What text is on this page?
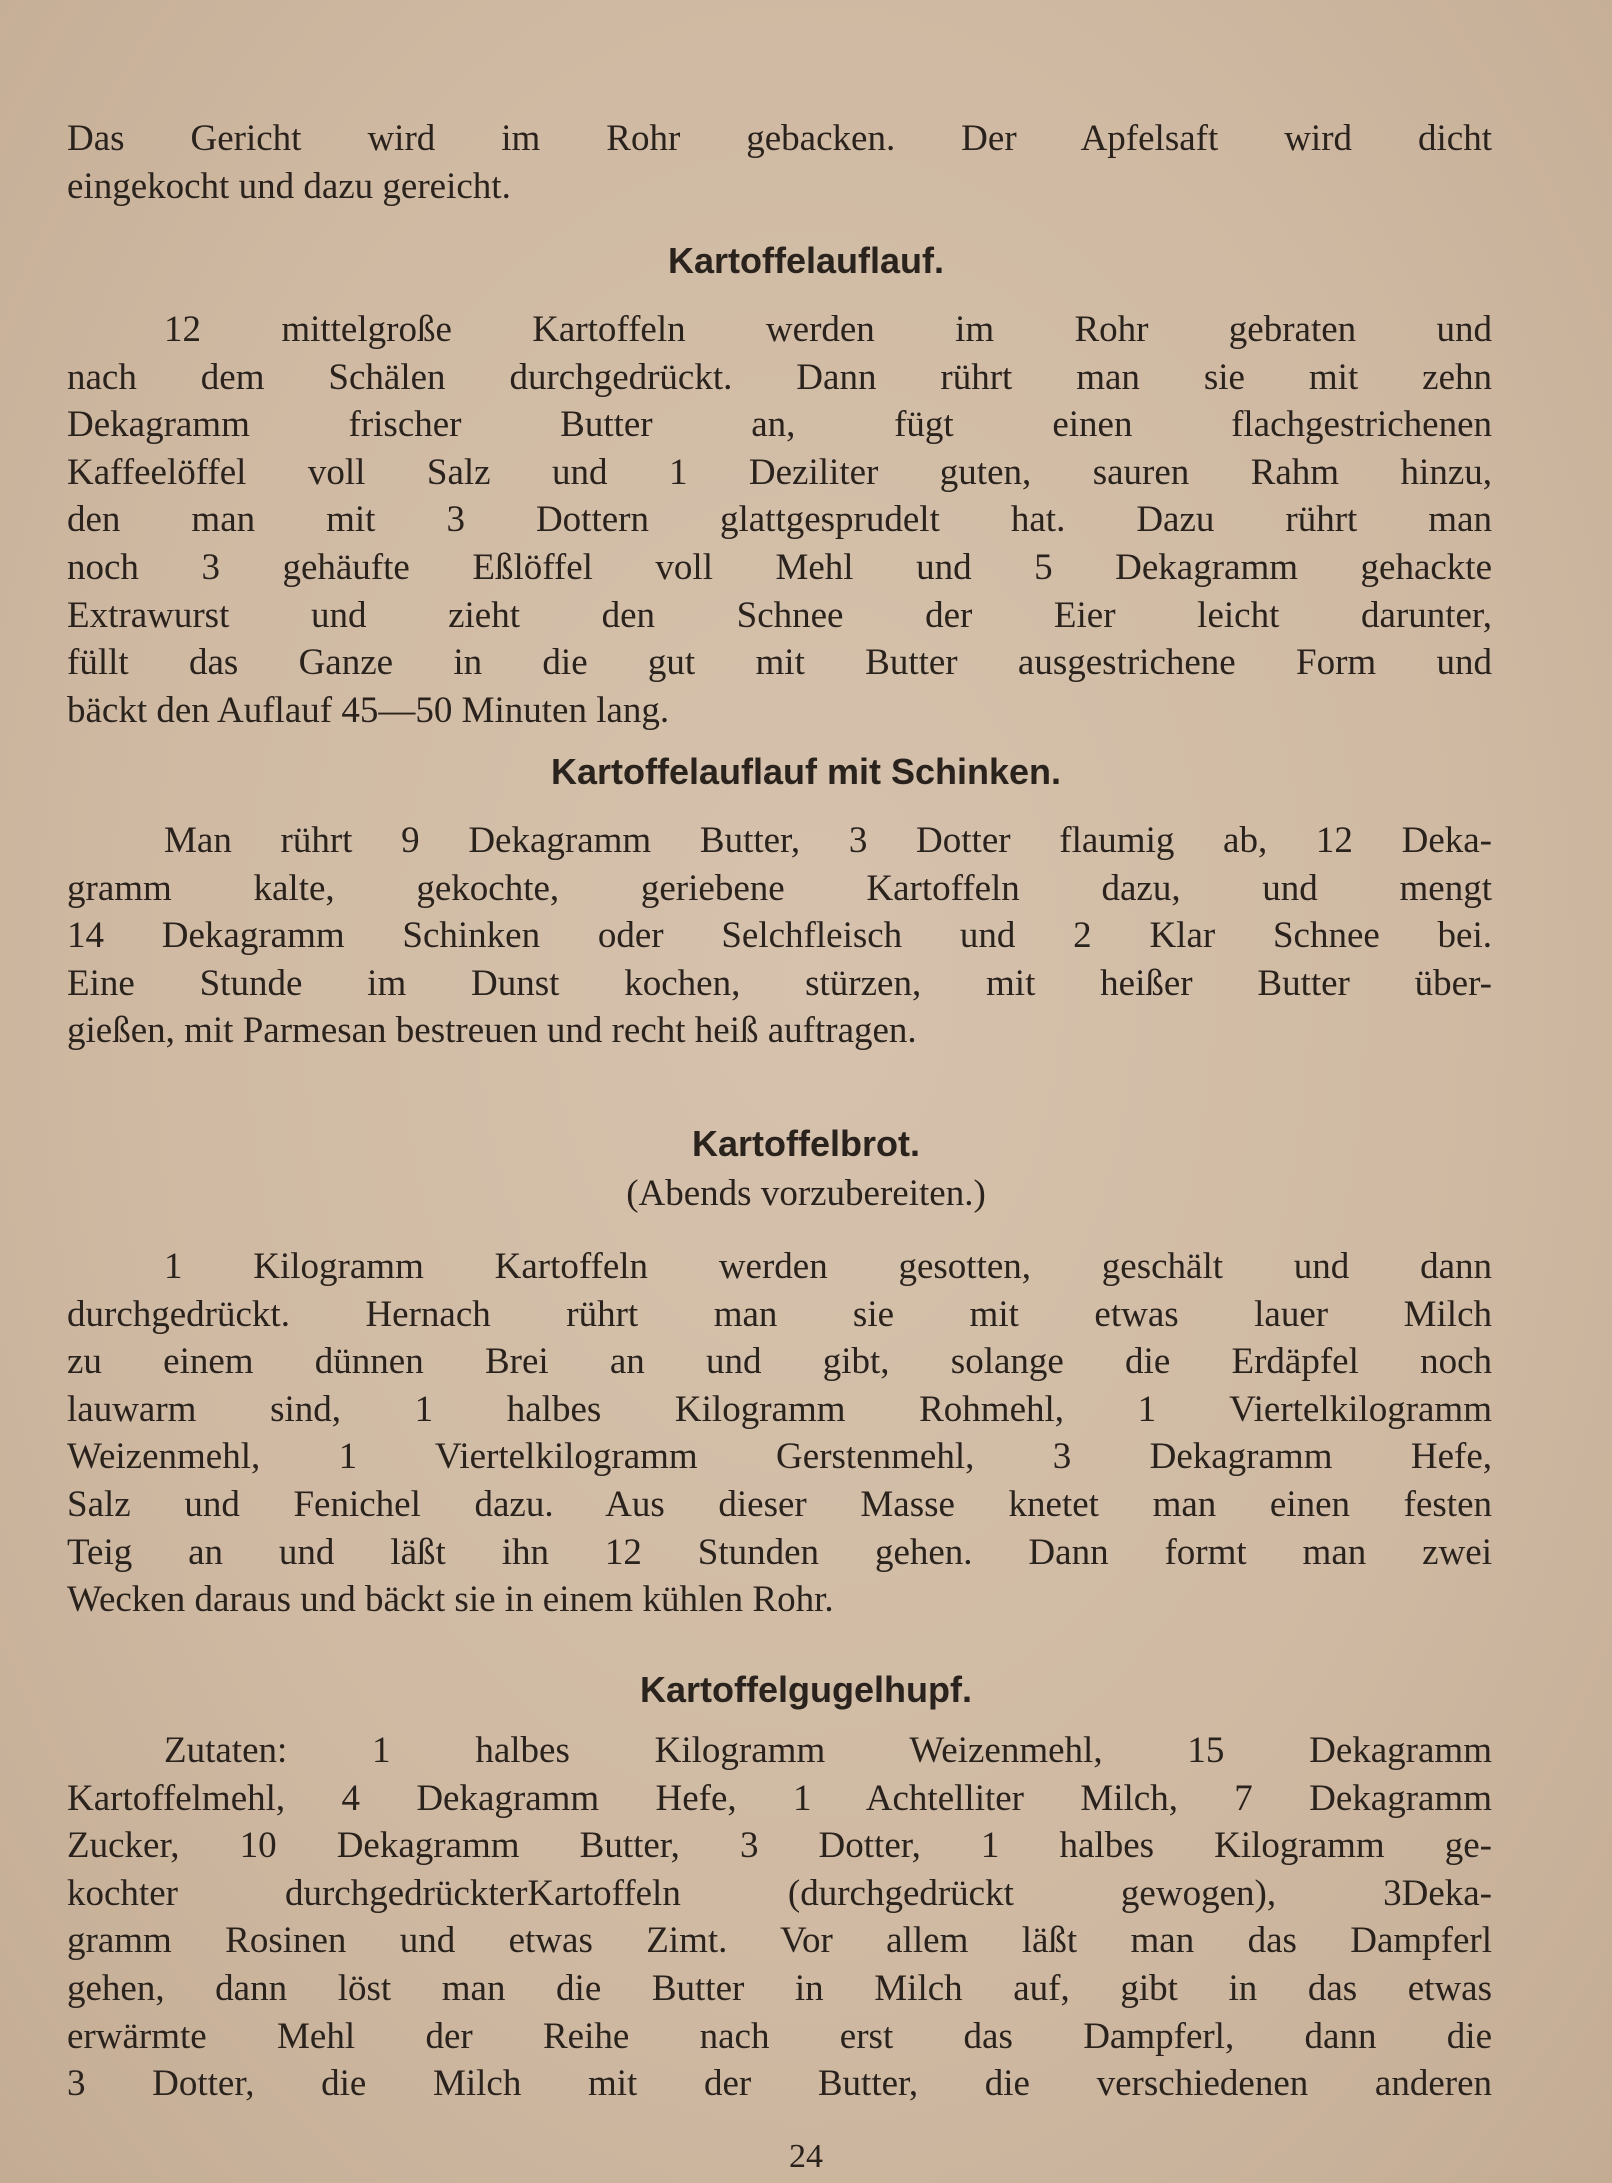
Das Gericht wird im Rohr gebacken. Der Apfelsaft wird dicht
eingekocht und dazu gereicht.
Kartoffelauflauf.
12 mittelgroße Kartoffeln werden im Rohr gebraten und
nach dem Schälen durchgedrückt. Dann rührt man sie mit zehn
Dekagramm frischer Butter an, fügt einen flachgestrichenen
Kaffeelöffel voll Salz und 1 Deziliter guten, sauren Rahm hinzu,
den man mit 3 Dottern glattgesprudelt hat. Dazu rührt man
noch 3 gehäufte Eßlöffel voll Mehl und 5 Dekagramm gehackte
Extrawurst und zieht den Schnee der Eier leicht darunter,
füllt das Ganze in die gut mit Butter ausgestrichene Form und
bäckt den Auflauf 45—50 Minuten lang.
Kartoffelauflauf mit Schinken.
Man rührt 9 Dekagramm Butter, 3 Dotter flaumig ab, 12 Deka-
gramm kalte, gekochte, geriebene Kartoffeln dazu, und mengt
14 Dekagramm Schinken oder Selchfleisch und 2 Klar Schnee bei.
Eine Stunde im Dunst kochen, stürzen, mit heißer Butter über-
gießen, mit Parmesan bestreuen und recht heiß auftragen.
Kartoffelbrot.
(Abends vorzubereiten.)
1 Kilogramm Kartoffeln werden gesotten, geschält und dann
durchgedrückt. Hernach rührt man sie mit etwas lauer Milch
zu einem dünnen Brei an und gibt, solange die Erdäpfel noch
lauwarm sind, 1 halbes Kilogramm Rohmehl, 1 Viertelkilogramm
Weizenmehl, 1 Viertelkilogramm Gerstenmehl, 3 Dekagramm Hefe,
Salz und Fenichel dazu. Aus dieser Masse knetet man einen festen
Teig an und läßt ihn 12 Stunden gehen. Dann formt man zwei
Wecken daraus und bäckt sie in einem kühlen Rohr.
Kartoffelgugelhupf.
Zutaten: 1 halbes Kilogramm Weizenmehl, 15 Dekagramm
Kartoffelmehl, 4 Dekagramm Hefe, 1 Achtelliter Milch, 7 Dekagramm
Zucker, 10 Dekagramm Butter, 3 Dotter, 1 halbes Kilogramm ge-
kochter durchgedrückterKartoffeln (durchgedrückt gewogen), 3Deka-
gramm Rosinen und etwas Zimt. Vor allem läßt man das Dampferl
gehen, dann löst man die Butter in Milch auf, gibt in das etwas
erwärmte Mehl der Reihe nach erst das Dampferl, dann die
3 Dotter, die Milch mit der Butter, die verschiedenen anderen
24
